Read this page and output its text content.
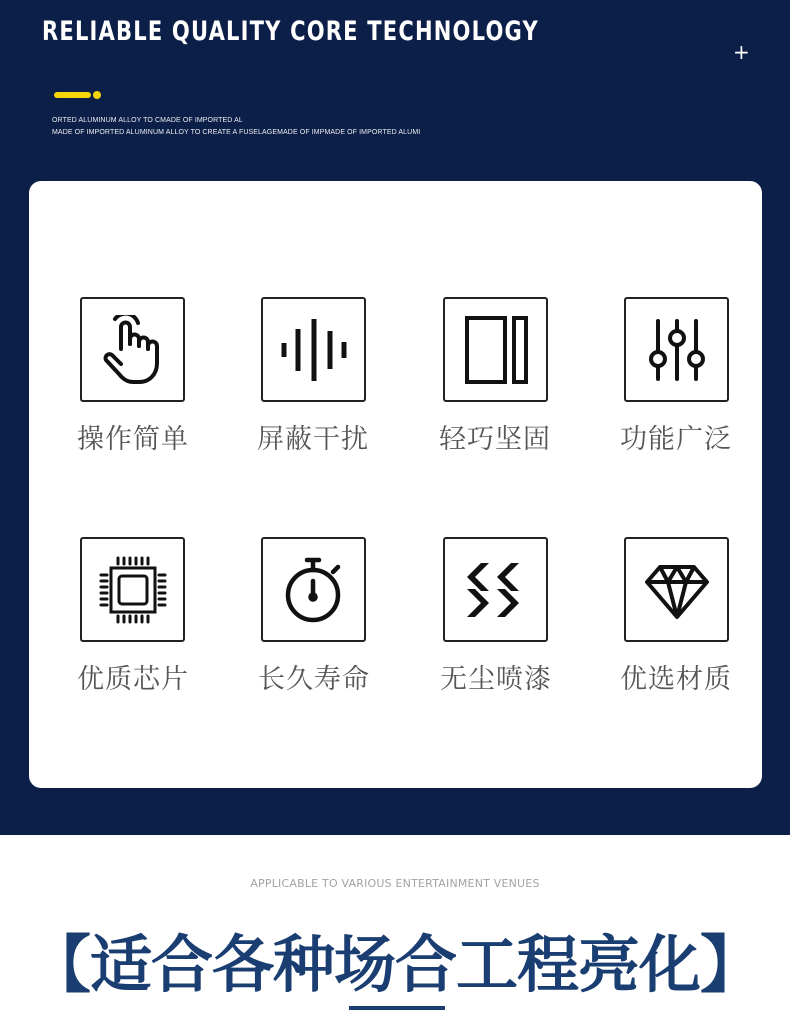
RELIABLE QUALITY CORE TECHNOLOGY
+
ORTED ALUMINUM ALLOY TO CMADE OF IMPORTED AL
MADE OF IMPORTED ALUMINUM ALLOY TO CREATE A FUSELAGEMADE OF IMPMADE OF IMPORTED ALUMI
操作简单	屏蔽干扰	轻巧坚固	功能广泛
优质芯片	长久寿命	无尘喷漆	优选材质
APPLICABLE TO VARIOUS ENTERTAINMENT VENUES
【适合各种场合工程亮化】
